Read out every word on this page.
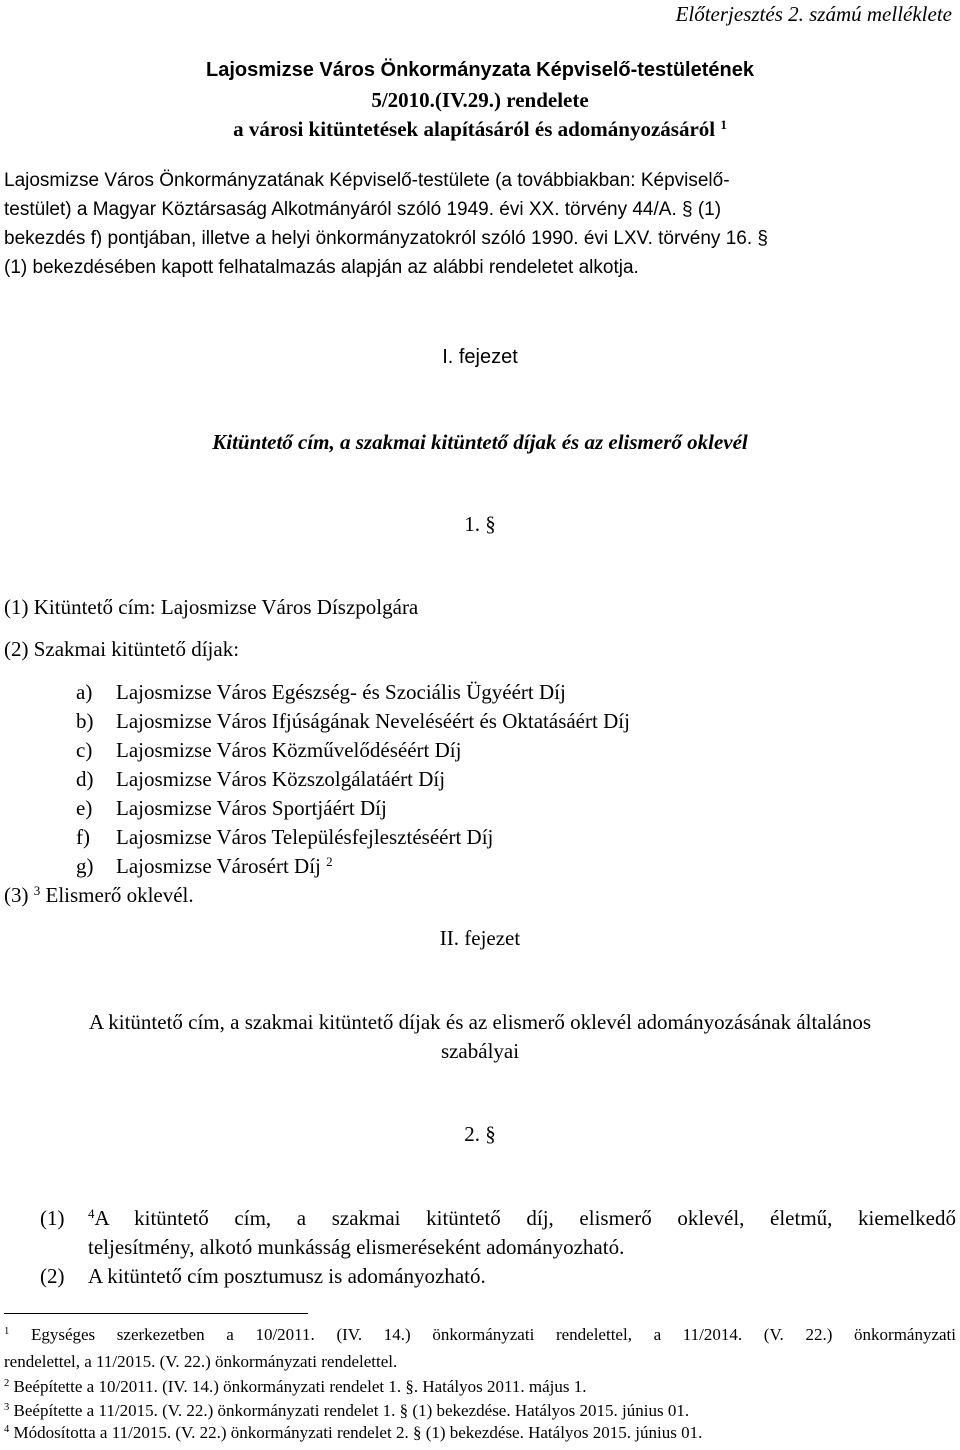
Előterjesztés 2. számú melléklete
Lajosmizse Város Önkormányzata Képviselő-testületének
5/2010.(IV.29.) rendelete
a városi kitüntetések alapításáról és adományozásáról $^1$
Lajosmizse Város Önkormányzatának Képviselő-testülete (a továbbiakban: Képviselő-
testület) a Magyar Köztársaság Alkotmányáról szóló 1949. évi XX. törvény 44/A. § (1)
bekezdés f) pontjában, illetve a helyi önkormányzatokról szóló 1990. évi LXV. törvény 16. §
(1) bekezdésében kapott felhatalmazás alapján az alábbi rendeletet alkotja.
I. fejezet
Kitüntető cím, a szakmai kitüntető díjak és az elismerő oklevél
1. §
(1) Kitüntető cím: Lajosmizse Város Díszpolgára
(2) Szakmai kitüntető díjak:
a) Lajosmizse Város Egészség- és Szociális Ügyéért Díj
b) Lajosmizse Város Ifjúságának Neveléséért és Oktatásáért Díj
c) Lajosmizse Város Közművelődéséért Díj
d) Lajosmizse Város Közszolgálatáért Díj
e) Lajosmizse Város Sportjáért Díj
f) Lajosmizse Város Településfejlesztéséért Díj
g) Lajosmizse Városért Díj $^2$
(3) $^3$ Elismerő oklevél.
II. fejezet
A kitüntető cím, a szakmai kitüntető díjak és az elismerő oklevél adományozásának általános
szabályai
2. §
(1) $^4$A kitüntető cím, a szakmai kitüntető díj, elismerő oklevél, életmű, kiemelkedő
teljesítmény, alkotó munkásság elismeréseként adományozható.
(2) A kitüntető cím posztumusz is adományozható.
$^1$ Egységes szerkezetben a 10/2011. (IV. 14.) önkormányzati rendelettel, a 11/2014. (V. 22.) önkormányzati
rendelettel, a 11/2015. (V. 22.) önkormányzati rendelettel.
$^2$ Beépítette a 10/2011. (IV. 14.) önkormányzati rendelet 1. §. Hatályos 2011. május 1.
$^3$ Beépítette a 11/2015. (V. 22.) önkormányzati rendelet 1. § (1) bekezdése. Hatályos 2015. június 01.
$^4$ Módosította a 11/2015. (V. 22.) önkormányzati rendelet 2. § (1) bekezdése. Hatályos 2015. június 01.
